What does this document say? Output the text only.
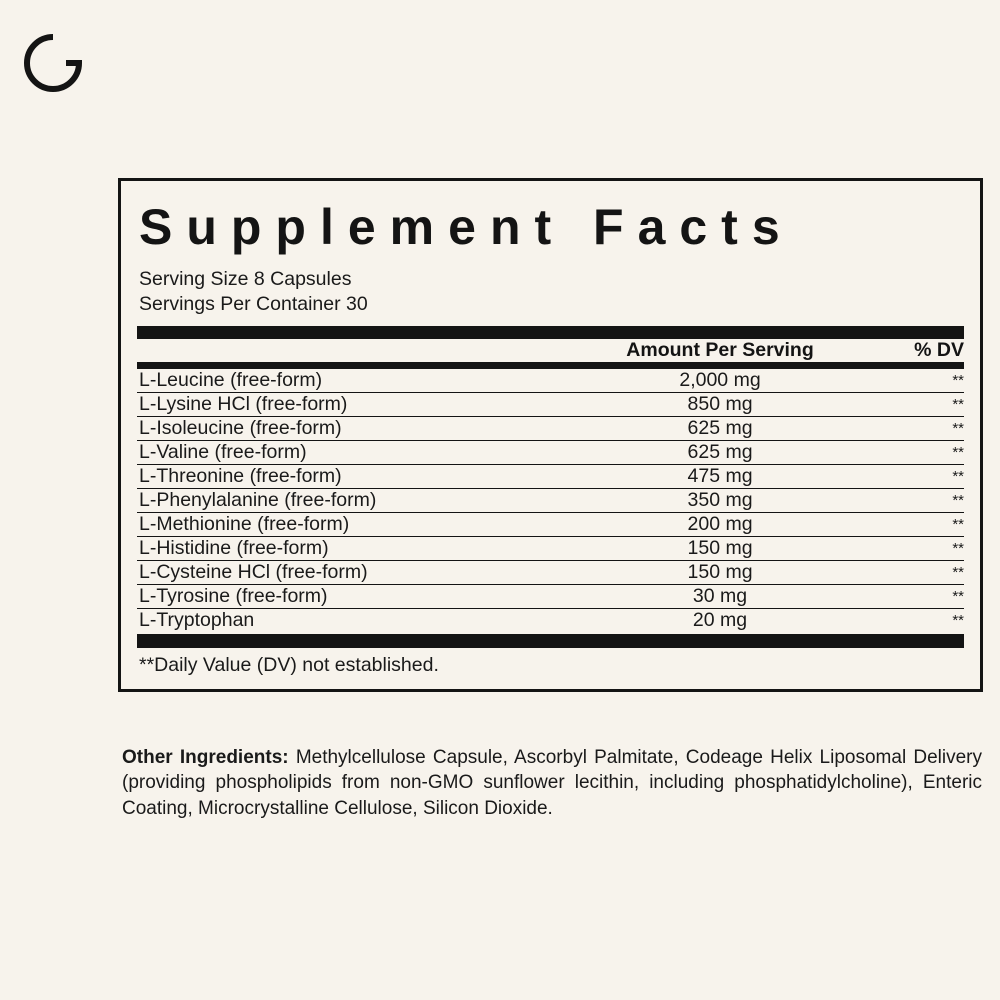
Supplement Facts
Serving Size 8 Capsules
Servings Per Container 30
	Amount Per Serving	% DV
L-Leucine (free-form)	2,000 mg	**
L-Lysine HCl (free-form)	850 mg	**
L-Isoleucine (free-form)	625 mg	**
L-Valine (free-form)	625 mg	**
L-Threonine (free-form)	475 mg	**
L-Phenylalanine (free-form)	350 mg	**
L-Methionine (free-form)	200 mg	**
L-Histidine (free-form)	150 mg	**
L-Cysteine HCl (free-form)	150 mg	**
L-Tyrosine (free-form)	30 mg	**
L-Tryptophan	20 mg	**
**Daily Value (DV) not established.
Other Ingredients: Methylcellulose Capsule, Ascorbyl Palmitate, Codeage Helix Liposomal Delivery (providing phospholipids from non-GMO sunflower lecithin, including phosphatidylcholine), Enteric Coating, Microcrystalline Cellulose, Silicon Dioxide.
